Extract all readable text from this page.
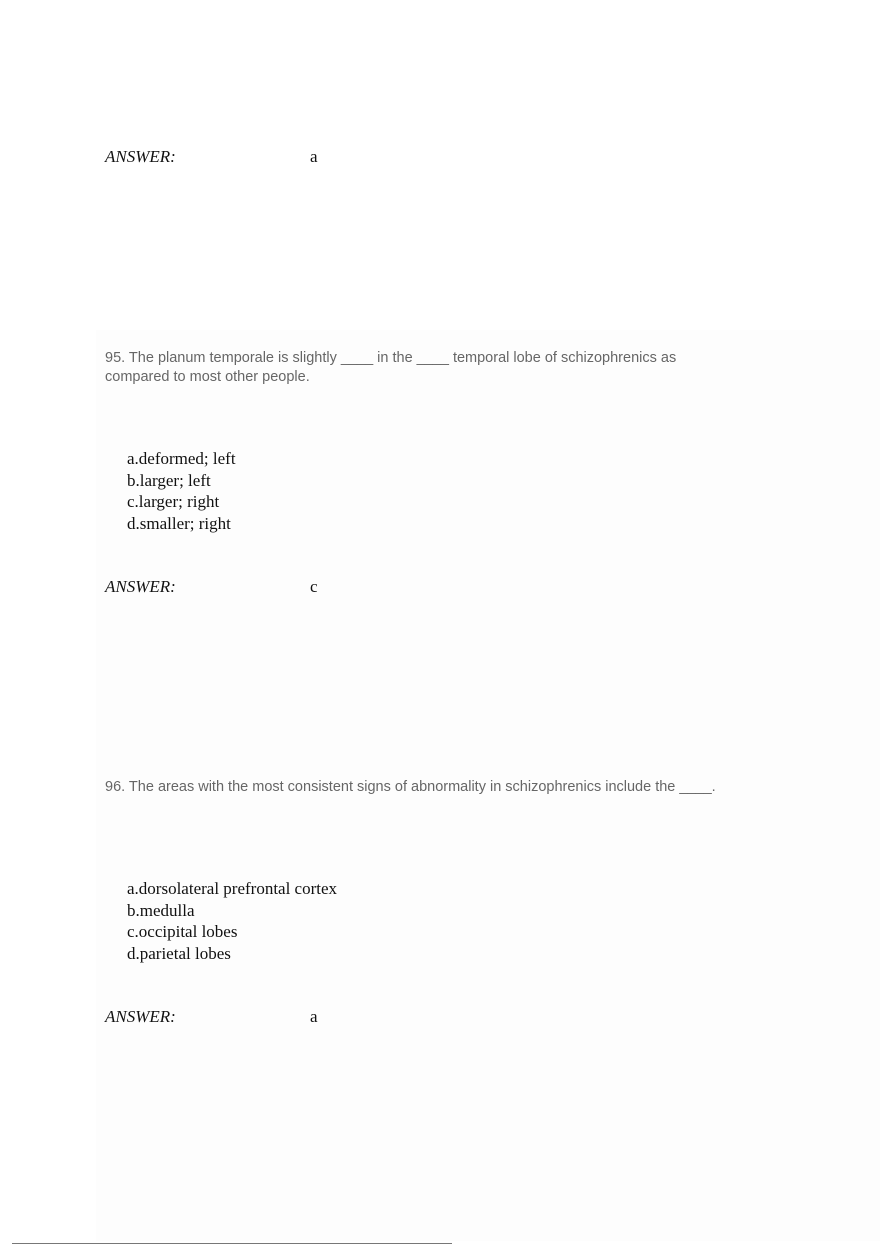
ANSWER:	a
95. The planum temporale is slightly ____ in the ____ temporal lobe of schizophrenics as compared to most other people.
a.deformed; left
b.larger; left
c.larger; right
d.smaller; right
ANSWER:	c
96. The areas with the most consistent signs of abnormality in schizophrenics include the ____.
a.dorsolateral prefrontal cortex
b.medulla
c.occipital lobes
d.parietal lobes
ANSWER:	a
